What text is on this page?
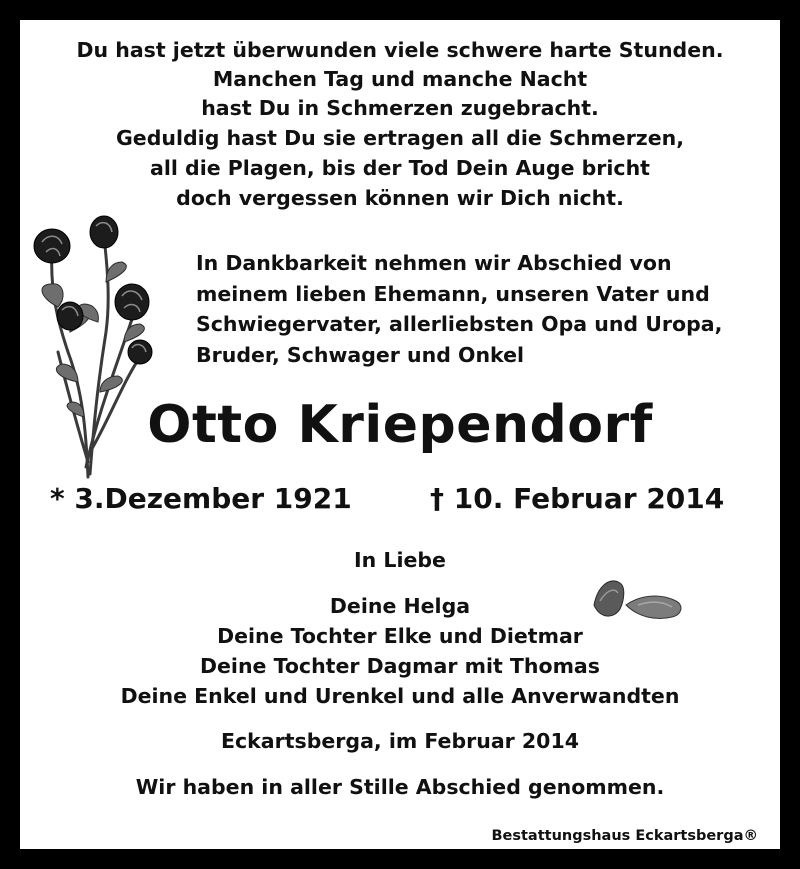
Du hast jetzt überwunden viele schwere harte Stunden.

Manchen Tag und manche Nacht

hast Du in Schmerzen zugebracht.

Geduldig hast Du sie ertragen all die Schmerzen,

all die Plagen, bis der Tod Dein Auge bricht

doch vergessen können wir Dich nicht.

In Dankbarkeit nehmen wir Abschied von
meinem lieben Ehemann, unseren Vater und
Schwiegervater, allerliebsten Opa und Uropa,
Bruder, Schwager und Onkel

Otto Kriependorf

* 3.Dezember 1921	† 10. Februar 2014

In Liebe

Deine Helga

Deine Tochter Elke und Dietmar

Deine Tochter Dagmar mit Thomas

Deine Enkel und Urenkel und alle Anverwandten

Eckartsberga, im Februar 2014

Wir haben in aller Stille Abschied genommen.

Bestattungshaus Eckartsberga®
